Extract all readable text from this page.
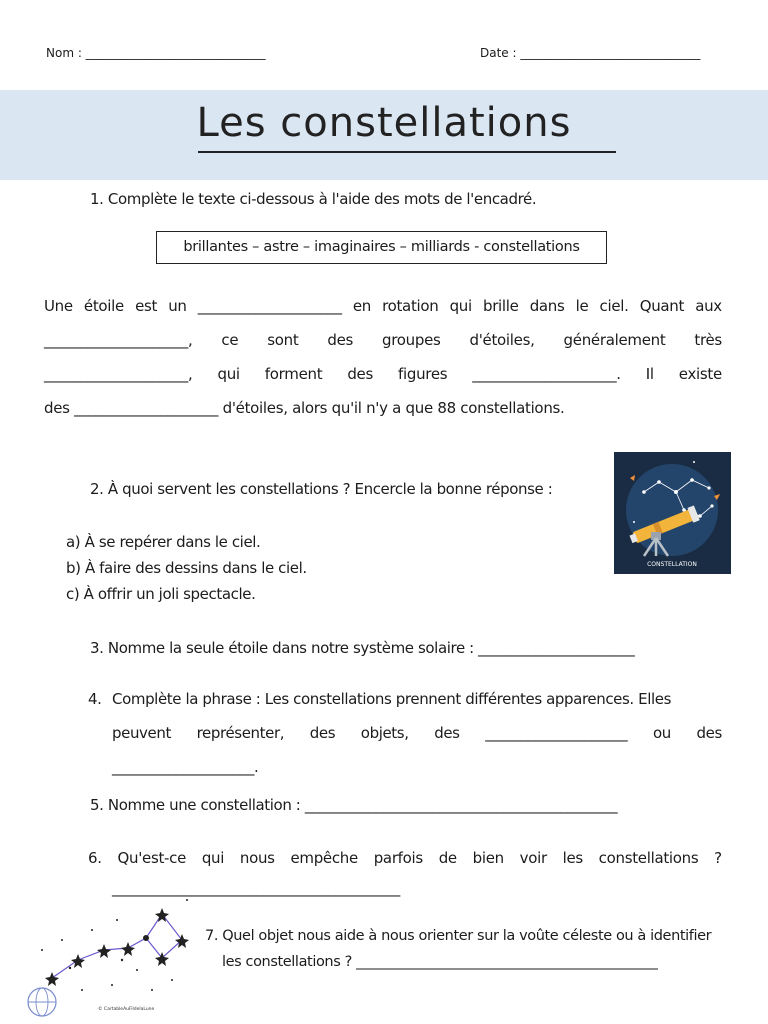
Nom : ______________________________	Date : ______________________________
Les constellations
1. Complète le texte ci-dessous à l'aide des mots de l'encadré.
brillantes – astre – imaginaires – milliards - constellations
Une étoile est un ____________________ en rotation qui brille dans le ciel. Quant aux
____________________, ce sont des groupes d'étoiles, généralement très
____________________, qui forment des figures ____________________. Il existe
des ____________________ d'étoiles, alors qu'il n'y a que 88 constellations.
2. À quoi servent les constellations ? Encercle la bonne réponse :
a) À se repérer dans le ciel.
b) À faire des dessins dans le ciel.
c) À offrir un joli spectacle.
CONSTELLATION
3. Nomme la seule étoile dans notre système solaire : ______________________
4. Complète la phrase : Les constellations prennent différentes apparences. Elles
peuvent représenter, des objets, des ____________________ ou des
____________________.
5. Nomme une constellation : ____________________________________________
6. Qu'est-ce qui nous empêche parfois de bien voir les constellations ?
________________________________________
© CartableAuFildelaLune
7. Quel objet nous aide à nous orienter sur la voûte céleste ou à identifier
les constellations ? ____________________________________________
